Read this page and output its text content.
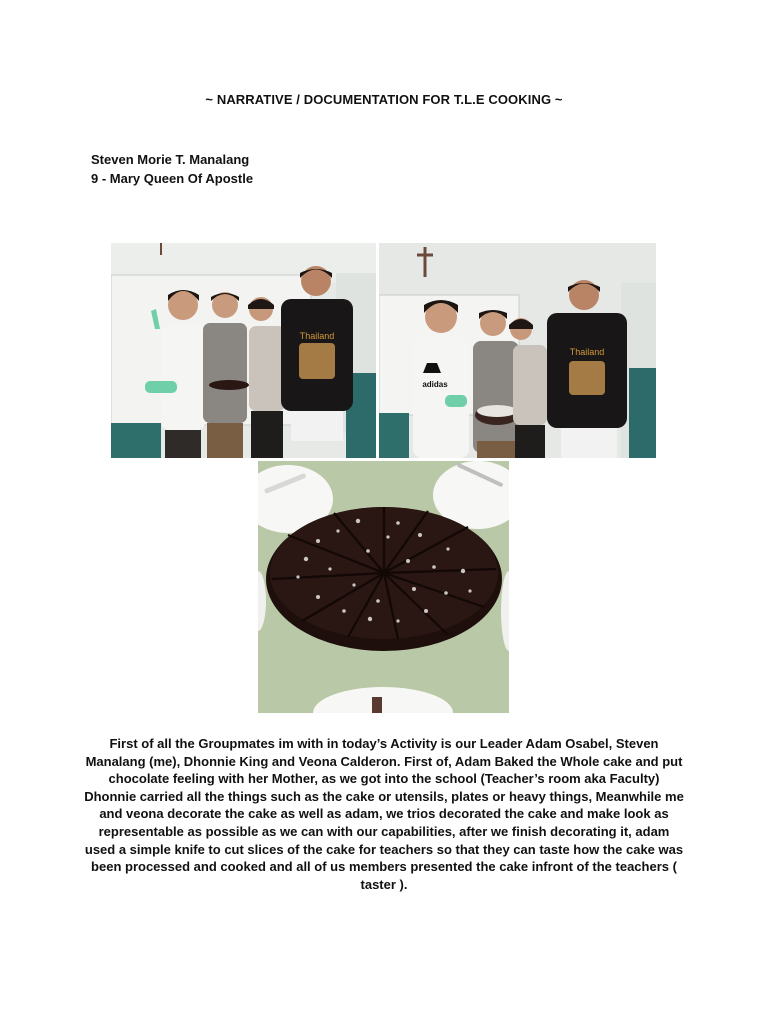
~ NARRATIVE / DOCUMENTATION FOR T.L.E COOKING ~
Steven Morie T. Manalang
9 - Mary Queen Of Apostle
Thailand
adidas
Thailand
First of all the Groupmates im with in today’s Activity is our Leader Adam Osabel, Steven Manalang (me), Dhonnie King and Veona Calderon. First of, Adam Baked the Whole cake and put chocolate feeling with her Mother, as we got into the school (Teacher’s room aka Faculty) Dhonnie carried all the things such as the cake or utensils, plates or heavy things, Meanwhile me and veona decorate the cake as well as adam, we trios decorated the cake and make look as representable as possible as we can with our capabilities, after we finish decorating it, adam used a simple knife to cut slices of the cake for teachers so that they can taste how the cake was been processed and cooked and all of us members presented the cake infront of the teachers ( taster ).
